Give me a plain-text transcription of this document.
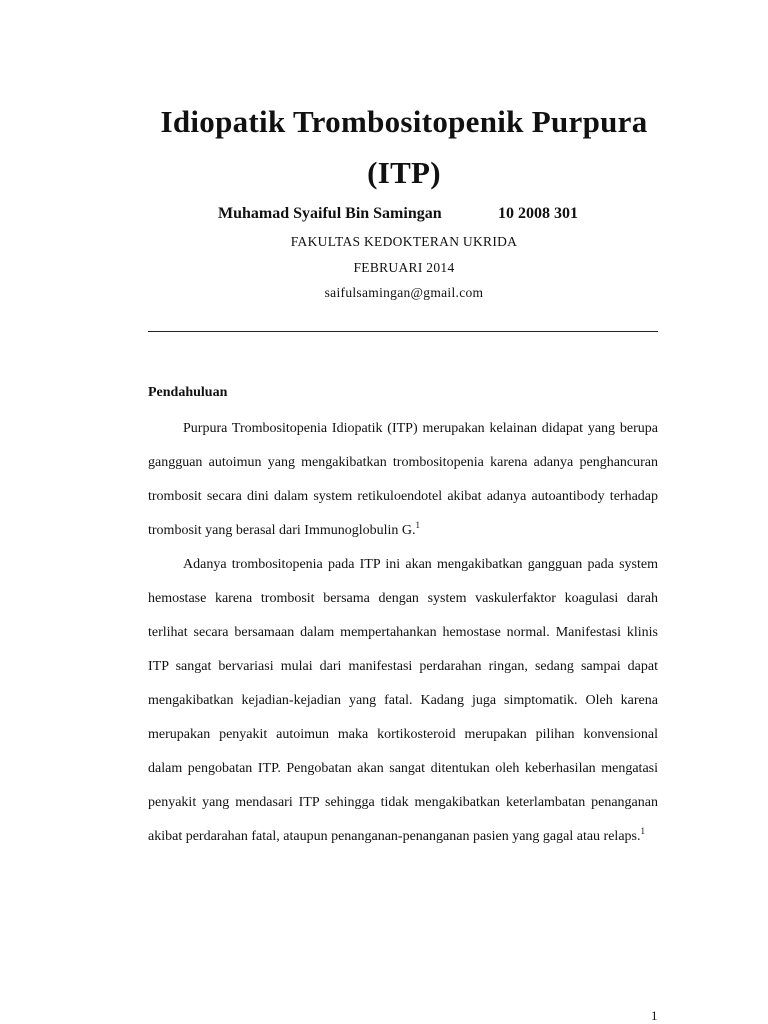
Idiopatik Trombositopenik Purpura
(ITP)
Muhamad Syaiful Bin Samingan	10 2008 301
FAKULTAS KEDOKTERAN UKRIDA
FEBRUARI 2014
saifulsamingan@gmail.com
Pendahuluan

Purpura Trombositopenia Idiopatik (ITP) merupakan kelainan didapat yang berupa gangguan autoimun yang mengakibatkan trombositopenia karena adanya penghancuran trombosit secara dini dalam system retikuloendotel akibat adanya autoantibody terhadap trombosit yang berasal dari Immunoglobulin G.$^1$

Adanya trombositopenia pada ITP ini akan mengakibatkan gangguan pada system hemostase karena trombosit bersama dengan system vaskulerfaktor koagulasi darah terlihat secara bersamaan dalam mempertahankan hemostase normal. Manifestasi klinis ITP sangat bervariasi mulai dari manifestasi perdarahan ringan, sedang sampai dapat mengakibatkan kejadian-kejadian yang fatal. Kadang juga simptomatik. Oleh karena merupakan penyakit autoimun maka kortikosteroid merupakan pilihan konvensional dalam pengobatan ITP. Pengobatan akan sangat ditentukan oleh keberhasilan mengatasi penyakit yang mendasari ITP sehingga tidak mengakibatkan keterlambatan penanganan akibat perdarahan fatal, ataupun penanganan-penanganan pasien yang gagal atau relaps.$^1$

1
